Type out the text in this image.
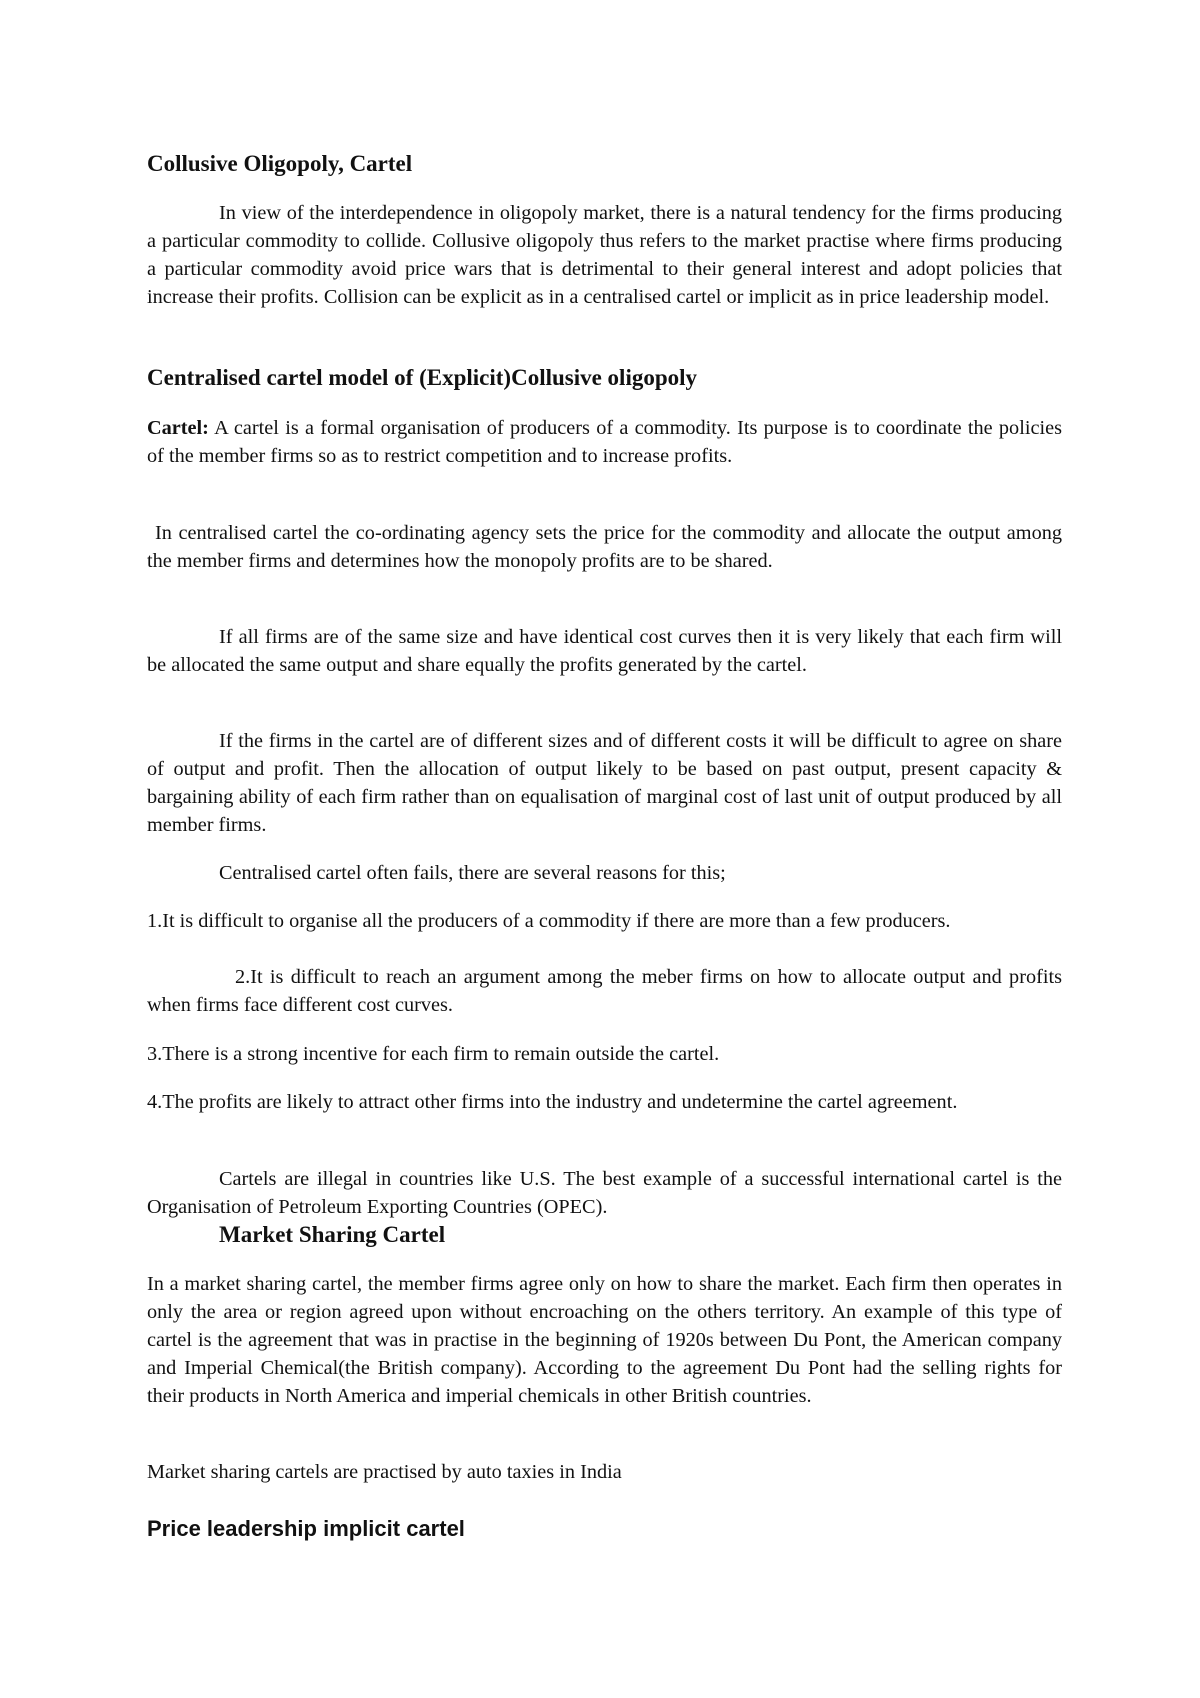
Collusive Oligopoly, Cartel

In view of the interdependence in oligopoly market, there is a natural tendency for the firms producing a particular commodity to collide. Collusive oligopoly thus refers to the market practise where firms producing a particular commodity avoid price wars that is detrimental to their general interest and adopt policies that increase their profits. Collision can be explicit as in a centralised cartel or implicit as in price leadership model.

Centralised cartel model of (Explicit)Collusive oligopoly

Cartel: A cartel is a formal organisation of producers of a commodity. Its purpose is to coordinate the policies of the member firms so as to restrict competition and to increase profits.

In centralised cartel the co-ordinating agency sets the price for the commodity and allocate the output among the member firms and determines how the monopoly profits are to be shared.

If all firms are of the same size and have identical cost curves then it is very likely that each firm will be allocated the same output and share equally the profits generated by the cartel.

If the firms in the cartel are of different sizes and of different costs it will be difficult to agree on share of output and profit. Then the allocation of output likely to be based on past output, present capacity & bargaining ability of each firm rather than on equalisation of marginal cost of last unit of output produced by all member firms.

Centralised cartel often fails, there are several reasons for this;

1.It is difficult to organise all the producers of a commodity if there are more than a few producers.

2.It is difficult to reach an argument among the meber firms on how to allocate output and profits when firms face different cost curves.

3.There is a strong incentive for each firm to remain outside the cartel.

4.The profits are likely to attract other firms into the industry and undetermine the cartel agreement.

Cartels are illegal in countries like U.S. The best example of a successful international cartel is the Organisation of Petroleum Exporting Countries (OPEC).

Market Sharing Cartel

In a market sharing cartel, the member firms agree only on how to share the market. Each firm then operates in only the area or region agreed upon without encroaching on the others territory. An example of this type of cartel is the agreement that was in practise in the beginning of 1920s between Du Pont, the American company and Imperial Chemical(the British company). According to the agreement Du Pont had the selling rights for their products in North America and imperial chemicals in other British countries.

Market sharing cartels are practised by auto taxies in India

Price leadership implicit cartel
